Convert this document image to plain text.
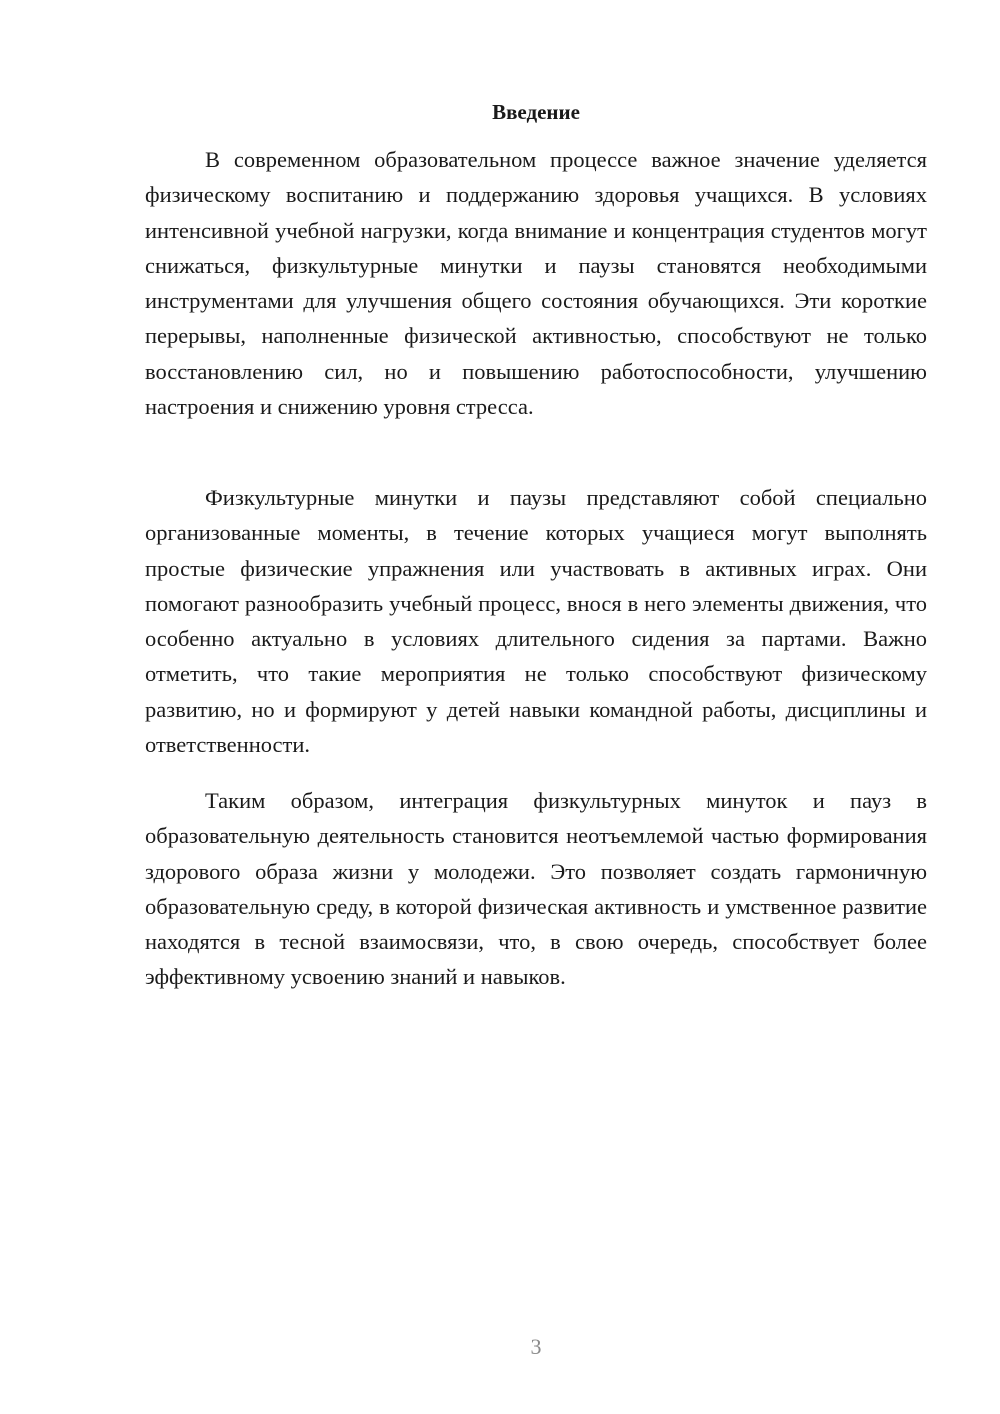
Введение

В современном образовательном процессе важное значение уделяется физическому воспитанию и поддержанию здоровья учащихся. В условиях интенсивной учебной нагрузки, когда внимание и концентрация студентов могут снижаться, физкультурные минутки и паузы становятся необходимыми инструментами для улучшения общего состояния обучающихся. Эти короткие перерывы, наполненные физической активностью, способствуют не только восстановлению сил, но и повышению работоспособности, улучшению настроения и снижению уровня стресса.

Физкультурные минутки и паузы представляют собой специально организованные моменты, в течение которых учащиеся могут выполнять простые физические упражнения или участвовать в активных играх. Они помогают разнообразить учебный процесс, внося в него элементы движения, что особенно актуально в условиях длительного сидения за партами. Важно отметить, что такие мероприятия не только способствуют физическому развитию, но и формируют у детей навыки командной работы, дисциплины и ответственности.

Таким образом, интеграция физкультурных минуток и пауз в образовательную деятельность становится неотъемлемой частью формирования здорового образа жизни у молодежи. Это позволяет создать гармоничную образовательную среду, в которой физическая активность и умственное развитие находятся в тесной взаимосвязи, что, в свою очередь, способствует более эффективному усвоению знаний и навыков.

3
